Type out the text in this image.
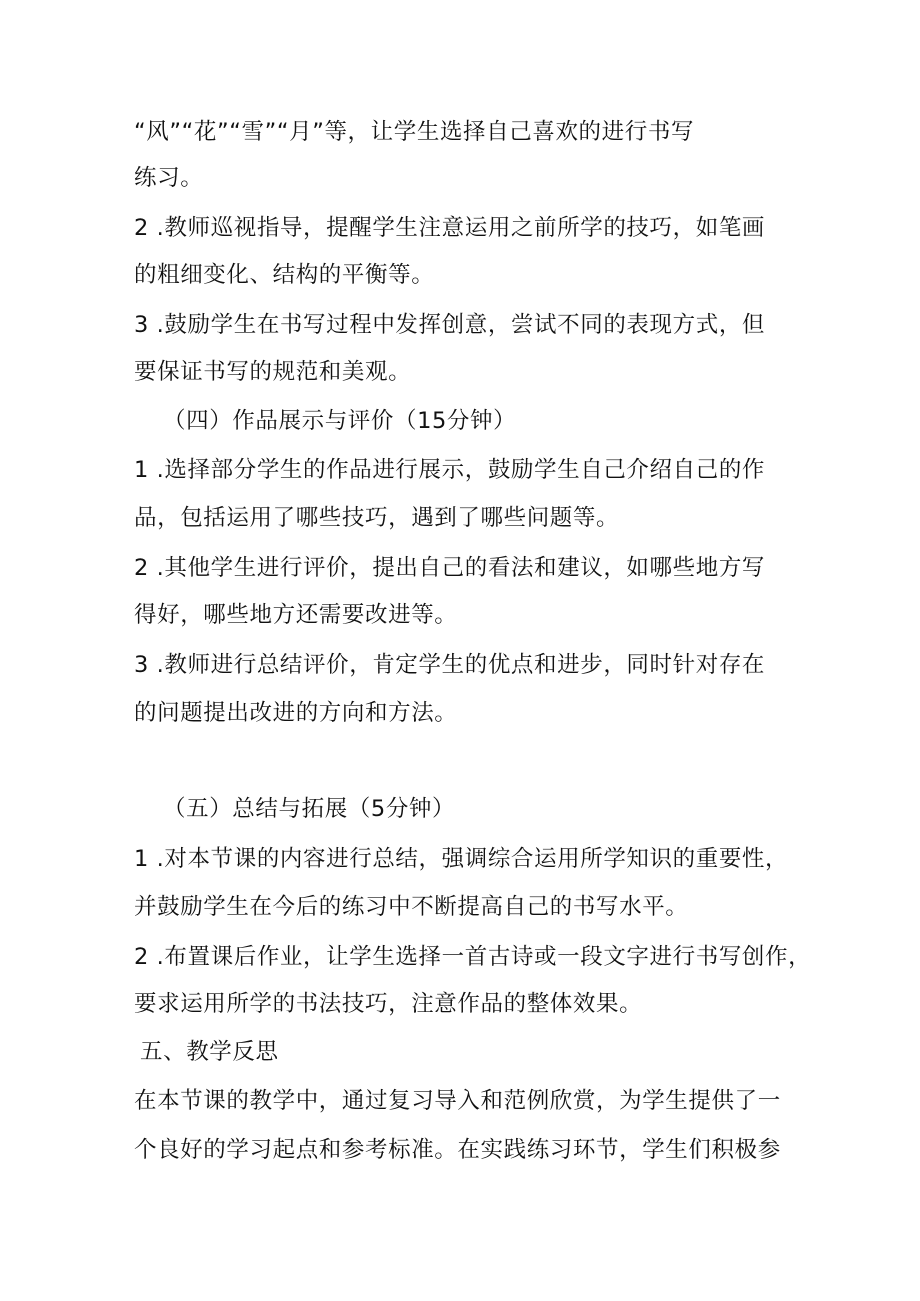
“风”“花”“雪”“月”等，让学生选择自己喜欢的进行书写
练习。
2 .教师巡视指导，提醒学生注意运用之前所学的技巧，如笔画
的粗细变化、结构的平衡等。
3 .鼓励学生在书写过程中发挥创意，尝试不同的表现方式，但
要保证书写的规范和美观。
（四）作品展示与评价（15分钟）
1 .选择部分学生的作品进行展示，鼓励学生自己介绍自己的作
品，包括运用了哪些技巧，遇到了哪些问题等。
2 .其他学生进行评价，提出自己的看法和建议，如哪些地方写
得好，哪些地方还需要改进等。
3 .教师进行总结评价，肯定学生的优点和进步，同时针对存在
的问题提出改进的方向和方法。
（五）总结与拓展（5分钟）
1 .对本节课的内容进行总结，强调综合运用所学知识的重要性，
并鼓励学生在今后的练习中不断提高自己的书写水平。
2 .布置课后作业，让学生选择一首古诗或一段文字进行书写创作，
要求运用所学的书法技巧，注意作品的整体效果。
五、教学反思
在本节课的教学中，通过复习导入和范例欣赏，为学生提供了一
个良好的学习起点和参考标准。在实践练习环节，学生们积极参
